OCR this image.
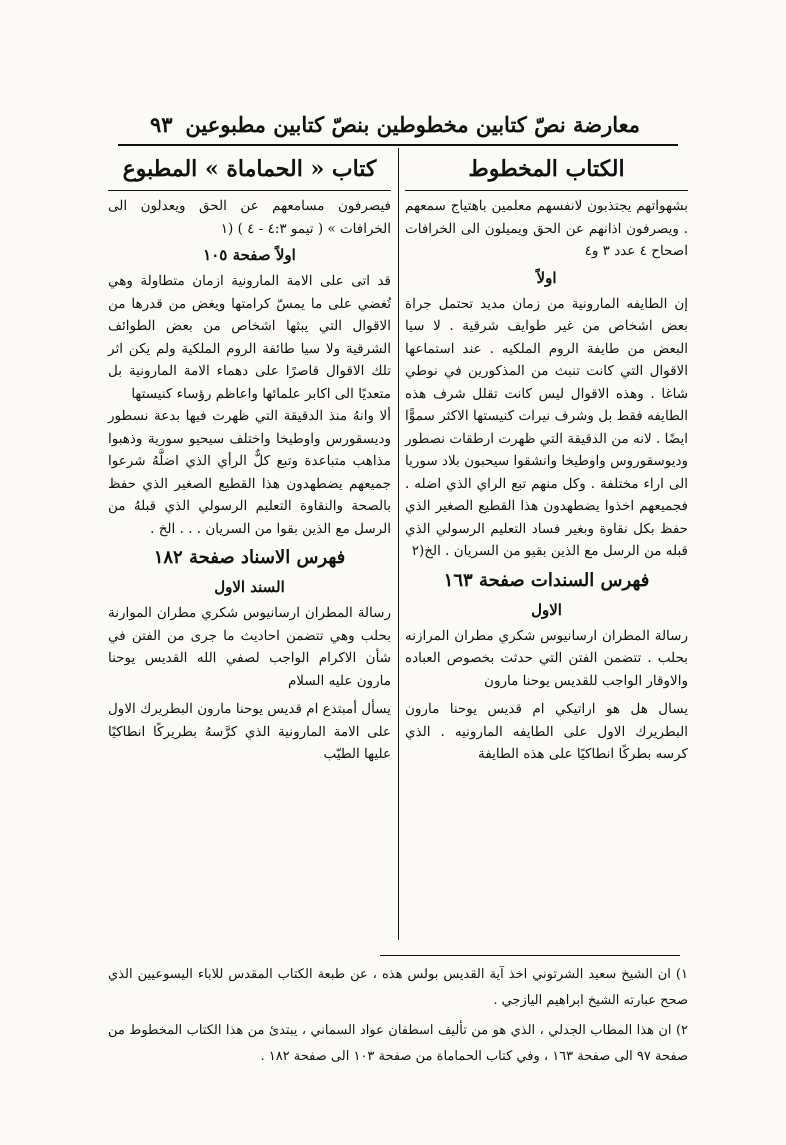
معارضة نصّ كتابين مخطوطين بنصّ كتابين مطبوعين
٩٣
الكتاب المخطوط

بشهواتهم يجتذبون لانفسهم معلمين باهتياج سمعهم . ويصرفون اذانهم عن الحق ويميلون الى الخرافات اصحاح ٤ عدد ٣ و٤

اولاً

إن الطايفه المارونية من زمان مديد تحتمل جراة بعض اشخاص من غير طوايف شرقية . لا سيا البعض من طايفة الروم الملكيه . عند استماعها الاقوال التي كانت تنبث من المذكورين في نوطي شاغا . وهذه الاقوال ليس كانت تقلل شرف هذه الطايفه فقط بل وشرف نيرات كنيستها الاكثر سموًّا ايضًا . لانه من الدقيقة التي ظهرت ارطقات نصطور وديوسقوروس واوطيخا وانشقوا سيحبون بلاد سوريا الى اراء مختلفة . وكل منهم تبع الراي الذي اضله . فجميعهم اخذوا يضطهدون هذا القطيع الصغير الذي حفظ بكل نقاوة وبغير فساد التعليم الرسولي الذي قبله من الرسل مع الذين بقيو من السريان . الخ(٢

فهرس السندات صفحة ١٦٣
الاول

رسالة المطران ارسانيوس شكري مطران المرازنه بحلب . تتضمن الفتن التي حدثت بخصوص العباده والاوقار الواجب للقديس يوحنا مارون

يسال هل هو اراتيكي ام قديس يوحنا مارون البطريرك الاول على الطايفه المارونيه . الذي كرسه بطركًا انطاكيًا على هذه الطايفة

كتاب « الحماماة » المطبوع

فيصرفون مسامعهم عن الحق ويعدلون الى الخرافات » ( تيمو ٤:٣ - ٤ ) (١

اولاً صفحة ١٠٥

قد اتى على الامة المارونية ازمان متطاولة وهي تُغضي على ما يمسّ كرامتها ويغض من قدرها من الاقوال التي يبثها اشخاص من بعض الطوائف الشرقية ولا سيا طائفة الروم الملكية ولم يكن اثر تلك الاقوال قاصرًا على دهماء الامة المارونية بل متعديًا الى اكابر علمائها واعاظم رؤساء كنيستها

ألا وانهُ منذ الدقيقة التي ظهرت فيها بدعة نسطور وديسقورس واوطيخا واختلف سيحيو سورية وذهبوا مذاهب متباعدة وتبع كلٌّ الرأي الذي اضلَّهُ شرعوا جميعهم يضطهدون هذا القطيع الصغير الذي حفظ بالصحة والنقاوة التعليم الرسولي الذي قبلهُ من الرسل مع الذين بقوا من السريان . . . الخ .

فهرس الاسناد صفحة ١٨٢
السند الاول

رسالة المطران ارسانيوس شكري مطران الموارنة بحلب وهي تتضمن احاديث ما جرى من الفتن في شأن الاكرام الواجب لصفي الله القديس يوحنا مارون عليه السلام

يسأل أمبتدع ام قديس يوحنا مارون البطريرك الاول على الامة المارونية الذي كرَّسهُ بطريركًا انطاكيًا عليها الطيّب

١) ان الشيخ سعيد الشرتوني اخذ آية القديس بولس هذه ، عن طبعة الكتاب المقدس للاباء اليسوعيين الذي صحح عبارته الشيخ ابراهيم اليازجي .

٢) ان هذا المطاب الجدلي ، الذي هو من تأليف اسطفان عواد السماني ، يبتدئ من هذا الكتاب المخطوط من صفحة ٩٧ الى صفحة ١٦٣ ، وفي كتاب الحماماة من صفحة ١٠٣ الى صفحة ١٨٢ .
